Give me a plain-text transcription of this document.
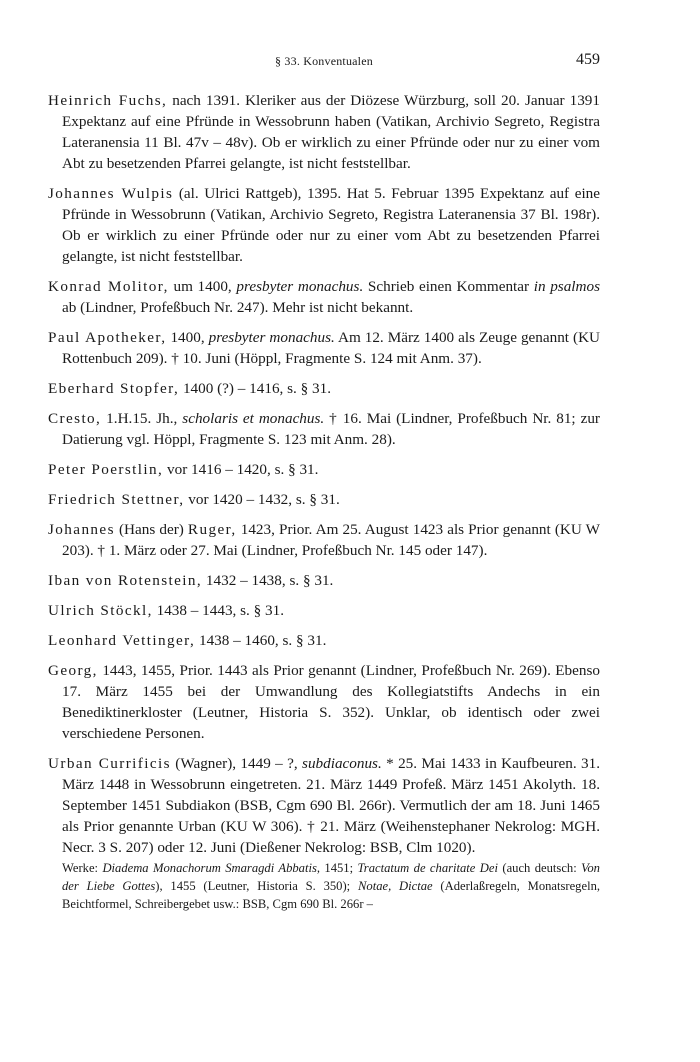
§ 33. Konventualen	459

Heinrich Fuchs, nach 1391. Kleriker aus der Diözese Würzburg, soll 20. Januar 1391 Expektanz auf eine Pfründe in Wessobrunn haben (Vatikan, Archivio Segreto, Registra Lateranensia 11 Bl. 47v – 48v). Ob er wirklich zu einer Pfründe oder nur zu einer vom Abt zu besetzenden Pfarrei gelangte, ist nicht feststellbar.

Johannes Wulpis (al. Ulrici Rattgeb), 1395. Hat 5. Februar 1395 Expektanz auf eine Pfründe in Wessobrunn (Vatikan, Archivio Segreto, Registra Lateranensia 37 Bl. 198r). Ob er wirklich zu einer Pfründe oder nur zu einer vom Abt zu besetzenden Pfarrei gelangte, ist nicht feststellbar.

Konrad Molitor, um 1400, presbyter monachus. Schrieb einen Kommentar in psalmos ab (Lindner, Profeßbuch Nr. 247). Mehr ist nicht bekannt.

Paul Apotheker, 1400, presbyter monachus. Am 12. März 1400 als Zeuge genannt (KU Rottenbuch 209). † 10. Juni (Höppl, Fragmente S. 124 mit Anm. 37).

Eberhard Stopfer, 1400 (?) – 1416, s. § 31.

Cresto, 1.H.15. Jh., scholaris et monachus. † 16. Mai (Lindner, Profeßbuch Nr. 81; zur Datierung vgl. Höppl, Fragmente S. 123 mit Anm. 28).

Peter Poerstlin, vor 1416 – 1420, s. § 31.

Friedrich Stettner, vor 1420 – 1432, s. § 31.

Johannes (Hans der) Ruger, 1423, Prior. Am 25. August 1423 als Prior genannt (KU W 203). † 1. März oder 27. Mai (Lindner, Profeßbuch Nr. 145 oder 147).

Iban von Rotenstein, 1432 – 1438, s. § 31.

Ulrich Stöckl, 1438 – 1443, s. § 31.

Leonhard Vettinger, 1438 – 1460, s. § 31.

Georg, 1443, 1455, Prior. 1443 als Prior genannt (Lindner, Profeßbuch Nr. 269). Ebenso 17. März 1455 bei der Umwandlung des Kollegiatstifts Andechs in ein Benediktinerkloster (Leutner, Historia S. 352). Unklar, ob identisch oder zwei verschiedene Personen.

Urban Currificis (Wagner), 1449 – ?, subdiaconus. * 25. Mai 1433 in Kaufbeuren. 31. März 1448 in Wessobrunn eingetreten. 21. März 1449 Profeß. März 1451 Akolyth. 18. September 1451 Subdiakon (BSB, Cgm 690 Bl. 266r). Vermutlich der am 18. Juni 1465 als Prior genannte Urban (KU W 306). † 21. März (Weihenstephaner Nekrolog: MGH. Necr. 3 S. 207) oder 12. Juni (Dießener Nekrolog: BSB, Clm 1020).
Werke: Diadema Monachorum Smaragdi Abbatis, 1451; Tractatum de charitate Dei (auch deutsch: Von der Liebe Gottes), 1455 (Leutner, Historia S. 350); Notae, Dictae (Aderlaßregeln, Monatsregeln, Beichtformel, Schreibergebet usw.: BSB, Cgm 690 Bl. 266r –
